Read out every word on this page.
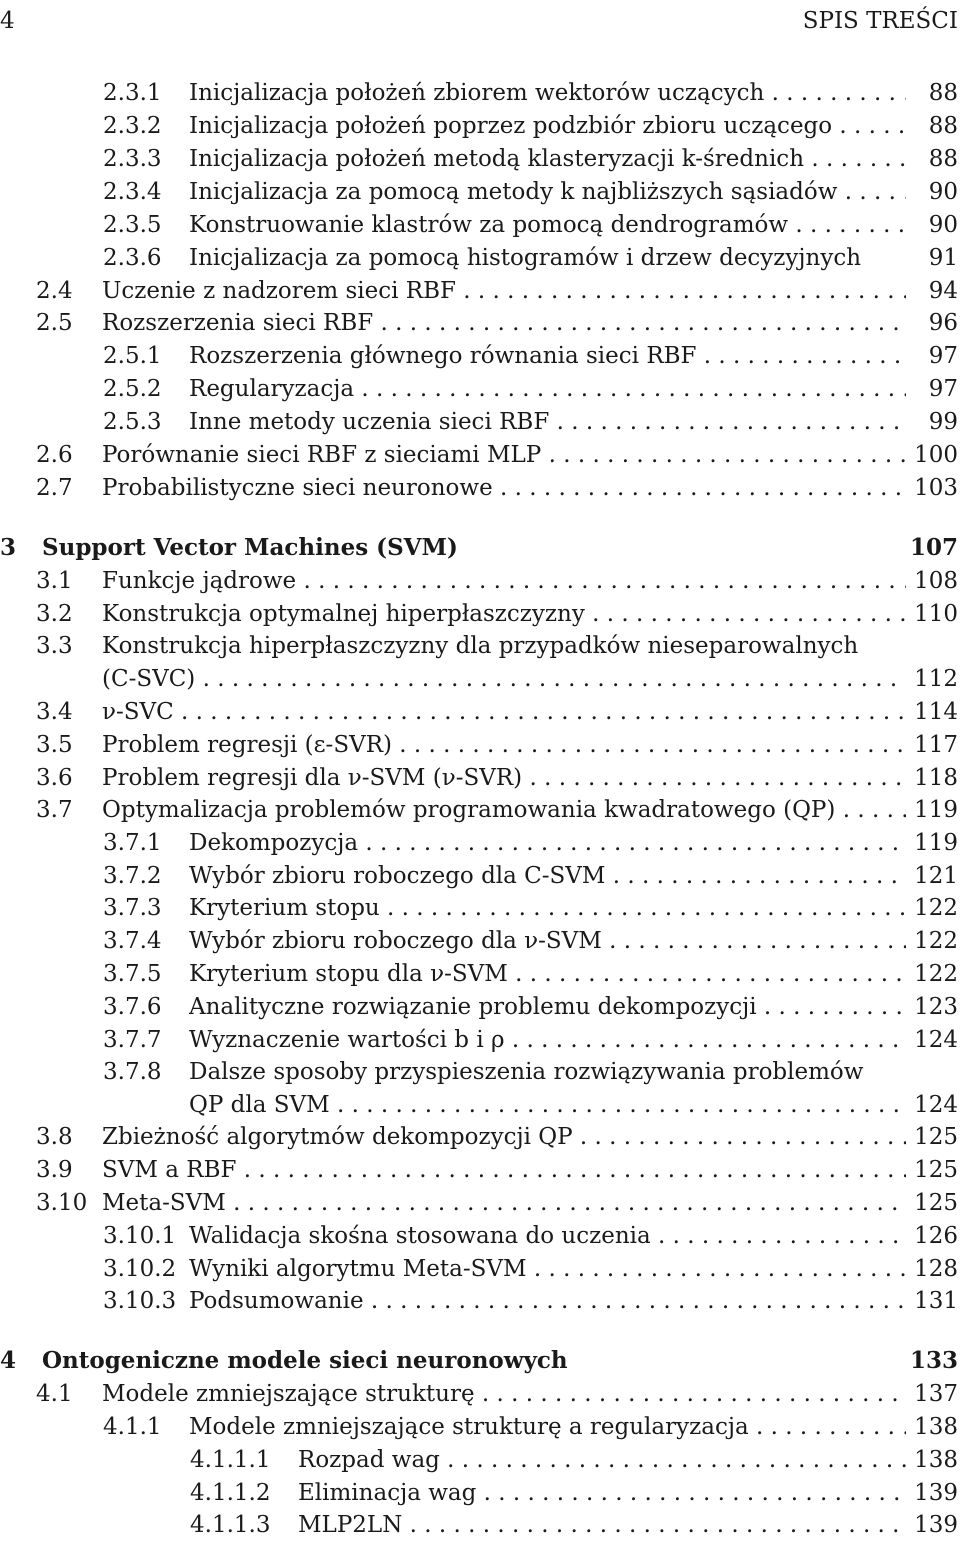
4	SPIS TREŚCI
2.3.1 Inicjalizacja położeń zbiorem wektorów uczących . . .	88
2.3.2 Inicjalizacja położeń poprzez podzbiór zbioru uczącego . . .	88
2.3.3 Inicjalizacja położeń metodą klasteryzacji k-średnich . . .	88
2.3.4 Inicjalizacja za pomocą metody k najbliższych sąsiadów . . .	90
2.3.5 Konstruowanie klastrów za pomocą dendrogramów . . .	90
2.3.6 Inicjalizacja za pomocą histogramów i drzew decyzyjnych	91
2.4 Uczenie z nadzorem sieci RBF . . .	94
2.5 Rozszerzenia sieci RBF . . .	96
2.5.1 Rozszerzenia głównego równania sieci RBF . . .	97
2.5.2 Regularyzacja . . .	97
2.5.3 Inne metody uczenia sieci RBF . . .	99
2.6 Porównanie sieci RBF z sieciami MLP . . .	100
2.7 Probabilistyczne sieci neuronowe . . .	103
3 Support Vector Machines (SVM)	107
3.1 Funkcje jądrowe . . .	108
3.2 Konstrukcja optymalnej hiperpłaszczyzny . . .	110
3.3 Konstrukcja hiperpłaszczyzny dla przypadków nieseparowalnych
(C-SVC) . . .	112
3.4 ν-SVC . . .	114
3.5 Problem regresji (ε-SVR) . . .	117
3.6 Problem regresji dla ν-SVM (ν-SVR) . . .	118
3.7 Optymalizacja problemów programowania kwadratowego (QP) . . .	119
3.7.1 Dekompozycja . . .	119
3.7.2 Wybór zbioru roboczego dla C-SVM . . .	121
3.7.3 Kryterium stopu . . .	122
3.7.4 Wybór zbioru roboczego dla ν-SVM . . .	122
3.7.5 Kryterium stopu dla ν-SVM . . .	122
3.7.6 Analityczne rozwiązanie problemu dekompozycji . . .	123
3.7.7 Wyznaczenie wartości b i ρ . . .	124
3.7.8 Dalsze sposoby przyspieszenia rozwiązywania problemów
QP dla SVM . . .	124
3.8 Zbieżność algorytmów dekompozycji QP . . .	125
3.9 SVM a RBF . . .	125
3.10 Meta-SVM . . .	125
3.10.1 Walidacja skośna stosowana do uczenia . . .	126
3.10.2 Wyniki algorytmu Meta-SVM . . .	128
3.10.3 Podsumowanie . . .	131
4 Ontogeniczne modele sieci neuronowych	133
4.1 Modele zmniejszające strukturę . . .	137
4.1.1 Modele zmniejszające strukturę a regularyzacja . . .	138
4.1.1.1 Rozpad wag . . .	138
4.1.1.2 Eliminacja wag . . .	139
4.1.1.3 MLP2LN . . .	139
